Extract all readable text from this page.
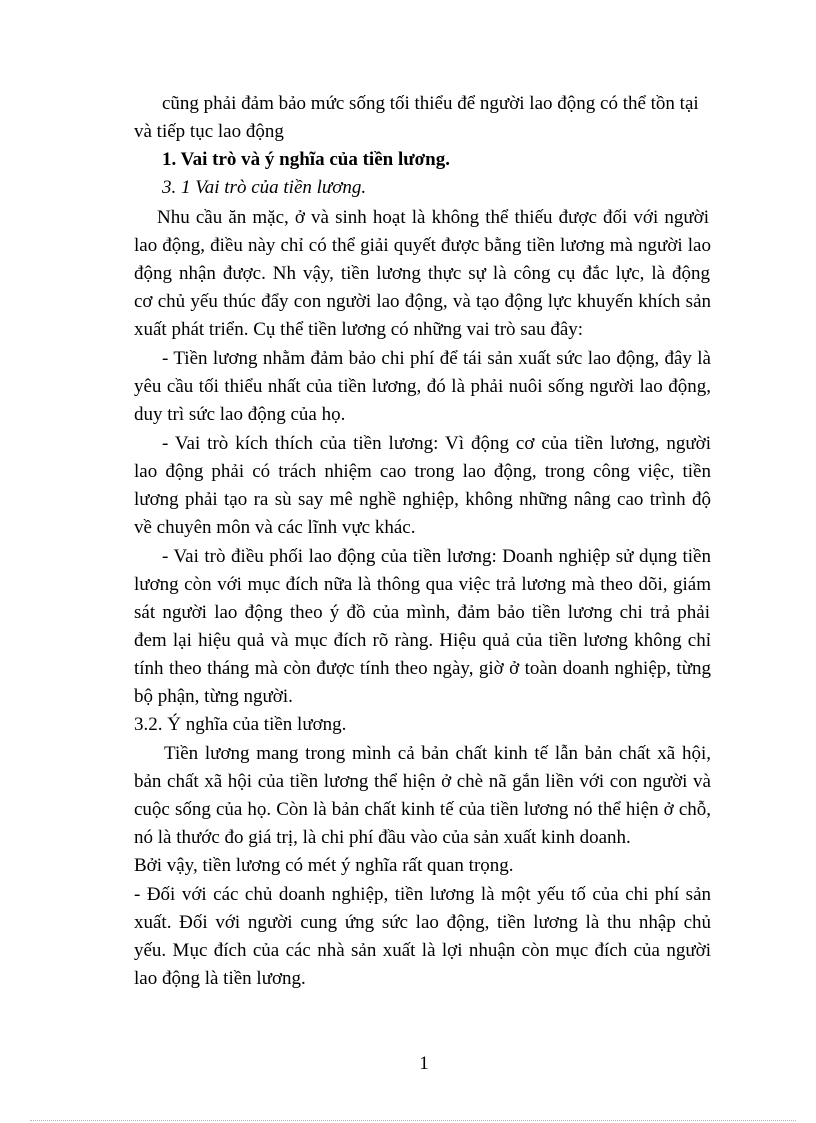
cũng phải đảm bảo mức sống tối thiểu để người lao động có thể tồn tại

và tiếp tục lao động

1. Vai trò và ý nghĩa của tiền lương.

3. 1 Vai trò của tiền lương.

Nhu cầu ăn mặc, ở và sinh hoạt là không thể thiếu được đối với người

lao động, điều này chỉ có thể giải quyết được bằng tiền lương mà người lao

động nhận được. Nh vậy, tiền lương thực sự là công cụ đắc lực, là động

cơ chủ yếu thúc đẩy con người lao động, và tạo động lực khuyến khích sản

xuất phát triển. Cụ thể tiền lương có những vai trò sau đây:

- Tiền lương nhằm đảm bảo chi phí để tái sản xuất sức lao động, đây là

yêu cầu tối thiểu nhất của tiền lương, đó là phải nuôi sống người lao động,

duy trì sức lao động của họ.

- Vai trò kích thích của tiền lương: Vì động cơ của tiền lương, người

lao động phải có trách nhiệm cao trong lao động, trong công việc, tiền

lương phải tạo ra sù say mê nghề nghiệp, không những nâng cao trình độ

về chuyên môn và các lĩnh vực khác.

- Vai trò điều phối lao động của tiền lương: Doanh nghiệp sử dụng tiền

lương còn với mục đích nữa là thông qua việc trả lương mà theo dõi, giám

sát người lao động theo ý đồ của mình, đảm bảo tiền lương chi trả phải

đem lại hiệu quả và mục đích rõ ràng. Hiệu quả của tiền lương không chỉ

tính theo tháng mà còn được tính theo ngày, giờ ở toàn doanh nghiệp, từng

bộ phận, từng người.

3.2. Ý nghĩa của tiền lương.

Tiền lương mang trong mình cả bản chất kinh tế lẫn bản chất xã hội,

bản chất xã hội của tiền lương thể hiện ở chè nã gắn liền với con người và

cuộc sống của họ. Còn là bản chất kinh tế của tiền lương nó thể hiện ở chỗ,

nó là thước đo giá trị, là chi phí đầu vào của sản xuất kinh doanh.

Bởi vậy, tiền lương có mét ý nghĩa rất quan trọng.

- Đối với các chủ doanh nghiệp, tiền lương là một yếu tố của chi phí sản

xuất. Đối với người cung ứng sức lao động, tiền lương là thu nhập chủ

yếu. Mục đích của các nhà sản xuất là lợi nhuận còn mục đích của người

lao động là tiền lương.

1
